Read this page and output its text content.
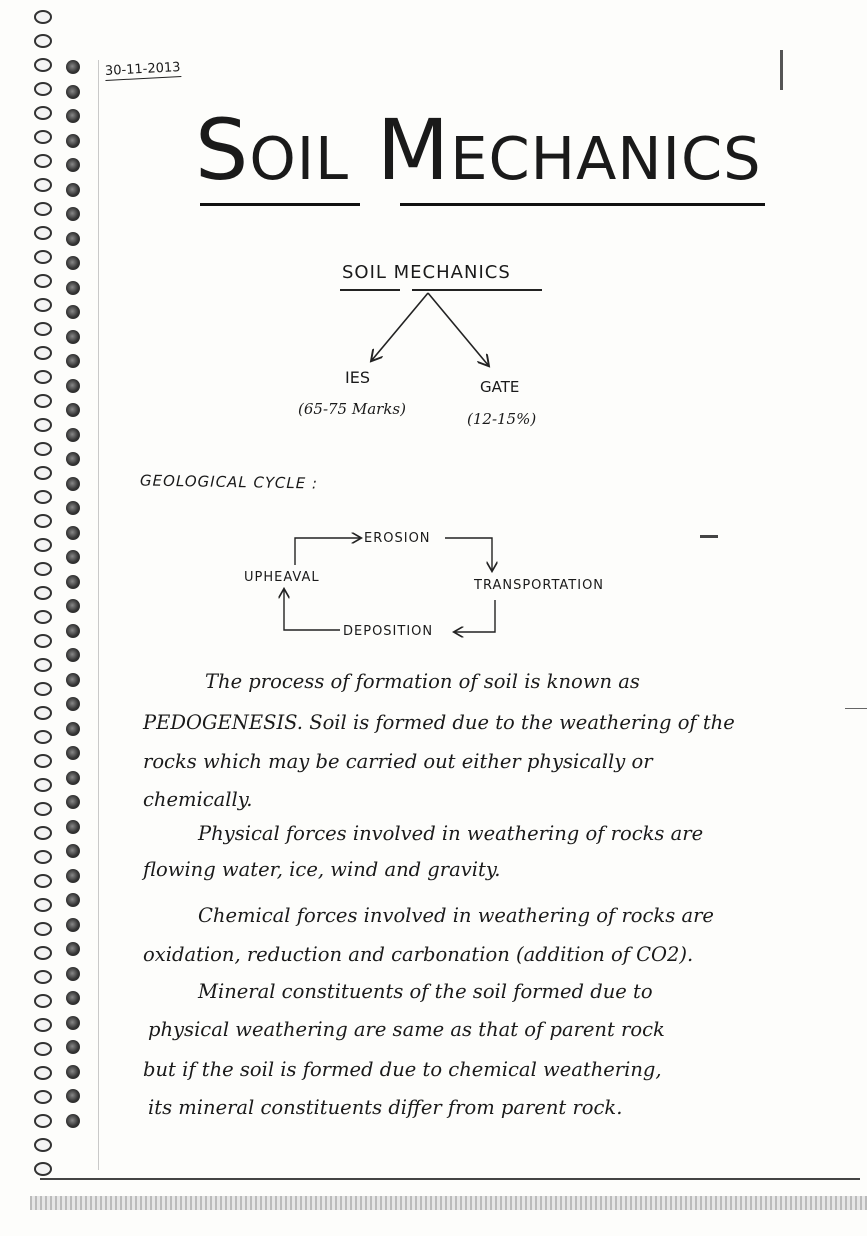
30-11-2013
Soil Mechanics
SOIL MECHANICS
IES
(65-75 Marks)
GATE
(12-15%)
GEOLOGICAL CYCLE :
EROSION
UPHEAVAL
TRANSPORTATION
DEPOSITION
The process of formation of soil is known as
PEDOGENESIS. Soil is formed due to the weathering of the
rocks which may be carried out either physically or
chemically.
Physical forces involved in weathering of rocks are
flowing water, ice, wind and gravity.
Chemical forces involved in weathering of rocks are
oxidation, reduction and carbonation (addition of CO2).
Mineral constituents of the soil formed due to
physical weathering are same as that of parent rock
but if the soil is formed due to chemical weathering,
its mineral constituents differ from parent rock.
